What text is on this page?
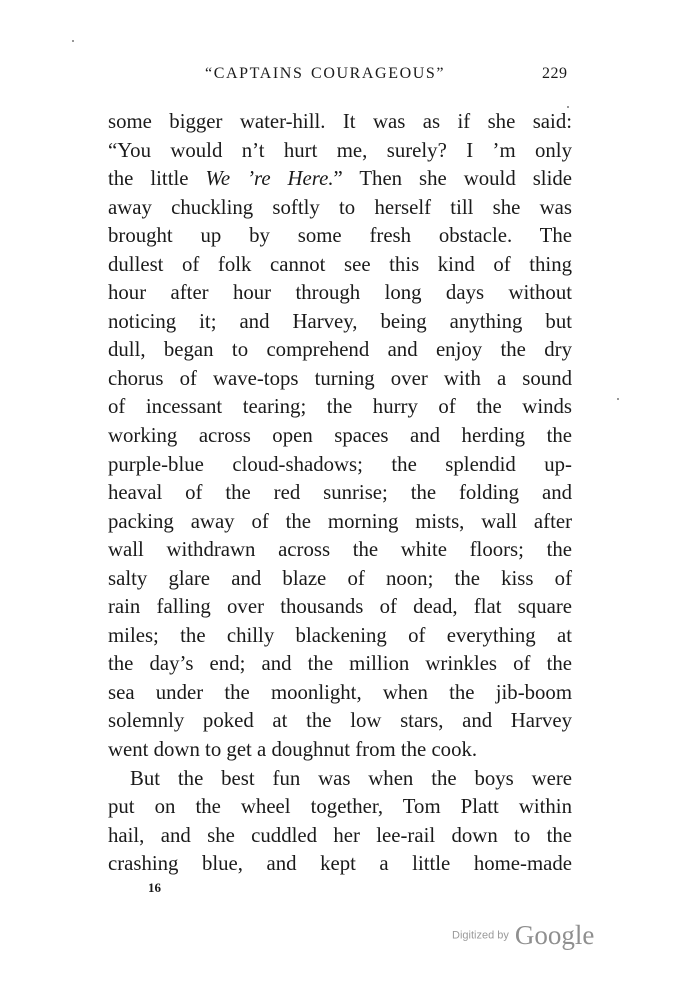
“CAPTAINS COURAGEOUS”	229
some bigger water-hill. It was as if she said:
“You would n’t hurt me, surely? I ’m only
the little We ’re Here.” Then she would slide
away chuckling softly to herself till she was
brought up by some fresh obstacle. The
dullest of folk cannot see this kind of thing
hour after hour through long days without
noticing it; and Harvey, being anything but
dull, began to comprehend and enjoy the dry
chorus of wave-tops turning over with a sound
of incessant tearing; the hurry of the winds
working across open spaces and herding the
purple-blue cloud-shadows; the splendid up-
heaval of the red sunrise; the folding and
packing away of the morning mists, wall after
wall withdrawn across the white floors; the
salty glare and blaze of noon; the kiss of
rain falling over thousands of dead, flat square
miles; the chilly blackening of everything at
the day’s end; and the million wrinkles of the
sea under the moonlight, when the jib-boom
solemnly poked at the low stars, and Harvey
went down to get a doughnut from the cook.
But the best fun was when the boys were
put on the wheel together, Tom Platt within
hail, and she cuddled her lee-rail down to the
crashing blue, and kept a little home-made
16
Digitized by Google
